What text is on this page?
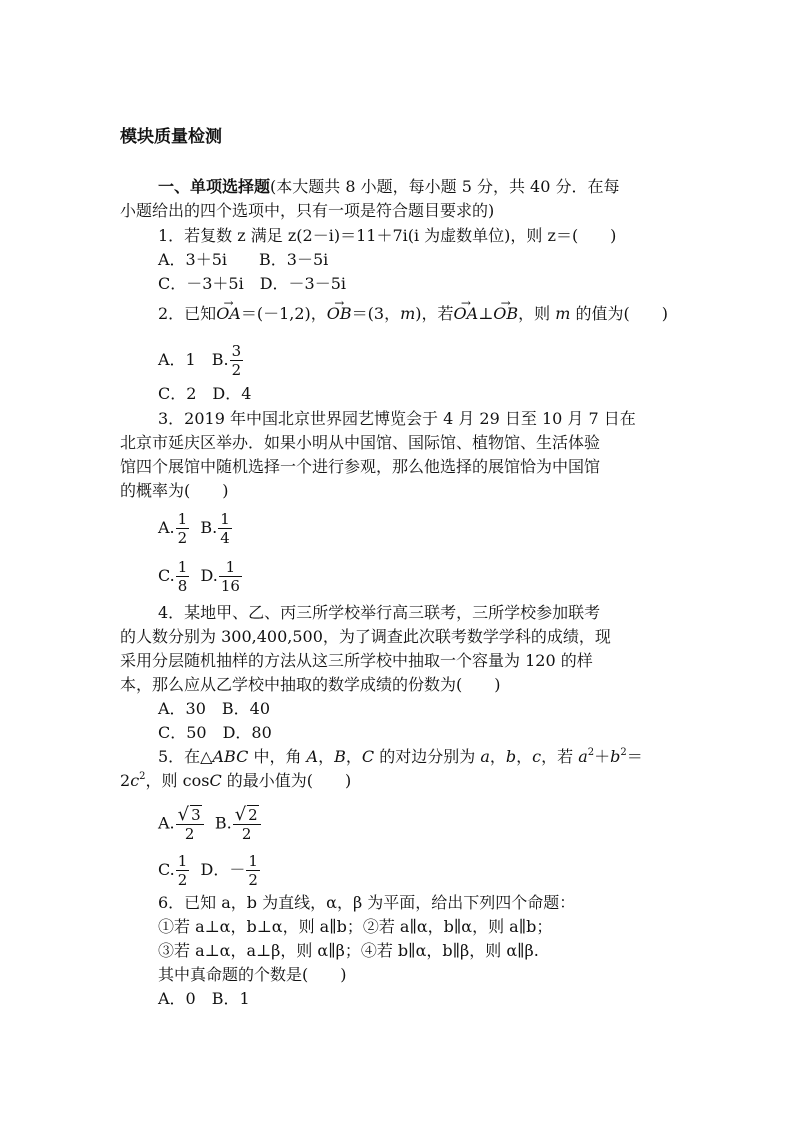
模块质量检测
一、单项选择题(本大题共 8 小题，每小题 5 分，共 40 分．在每
小题给出的四个选项中，只有一项是符合题目要求的)
1．若复数 z 满足 z(2－i)＝11＋7i(i 为虚数单位)，则 z＝(　　)
A．3＋5i　　B．3－5i
C．－3＋5i　D．－3－5i
2．已知→ OA＝(－1,2)，→ OB＝(3，m)，若→ OA⊥→ OB，则 m 的值为(　　)
A．1　B. $\frac{3}{2}$
C．2　D．4
3．2019 年中国北京世界园艺博览会于 4 月 29 日至 10 月 7 日在
北京市延庆区举办．如果小明从中国馆、国际馆、植物馆、生活体验
馆四个展馆中随机选择一个进行参观，那么他选择的展馆恰为中国馆
的概率为(　　)
A. $\frac{1}{2} B$. $\frac{1}{4}$
C. $\frac{1}{8} D$. $\frac{1}{16}$
4．某地甲、乙、丙三所学校举行高三联考，三所学校参加联考
的人数分别为 300,400,500，为了调查此次联考数学学科的成绩，现
采用分层随机抽样的方法从这三所学校中抽取一个容量为 120 的样
本，那么应从乙学校中抽取的数学成绩的份数为(　　)
A．30　B．40
C．50　D．80
5．在△ABC 中，角 A，B，C 的对边分别为 a，b，c，若 $a^2+b^2=$
$2c^2$，则 cosC 的最小值为(　　)
A. $\frac{√ 3}{2} B$. $\frac{√ 2}{2}$
C. $\frac{1}{2}$ D．－ $\frac{1}{2}$
6．已知 a，b 为直线，α，β 为平面，给出下列四个命题：
①若 a⊥α，b⊥α，则 a∥b；②若 a∥α，b∥α，则 a∥b；
③若 a⊥α，a⊥β，则 α∥β；④若 b∥α，b∥β，则 α∥β.
其中真命题的个数是(　　)
A．0　B．1
